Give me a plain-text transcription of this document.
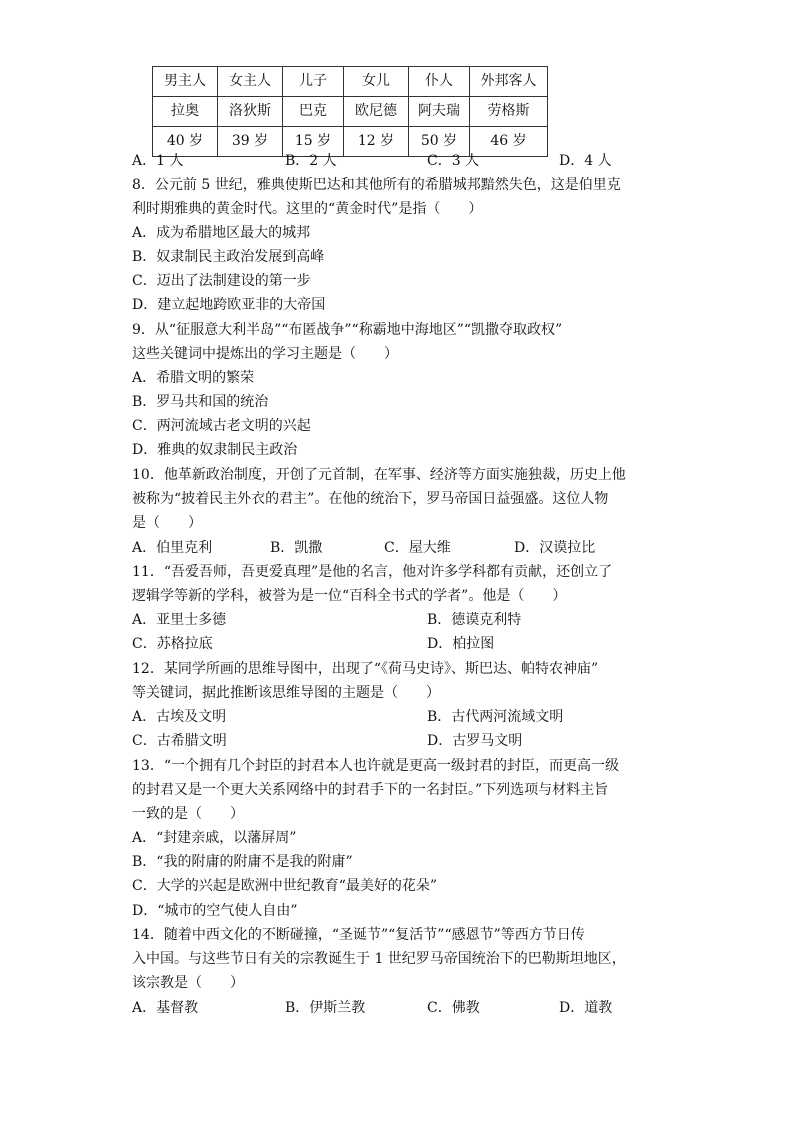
男主人	女主人	儿子	女儿	仆人	外邦客人
拉奥	洛狄斯	巴克	欧尼德	阿夫瑞	劳格斯
40 岁	39 岁	15 岁	12 岁	50 岁	46 岁
A．1 人	B．2 人	C．3 人	D．4 人
8．公元前 5 世纪，雅典使斯巴达和其他所有的希腊城邦黯然失色，这是伯里克
利时期雅典的黄金时代。这里的“黄金时代”是指（　　）
A．成为希腊地区最大的城邦
B．奴隶制民主政治发展到高峰
C．迈出了法制建设的第一步
D．建立起地跨欧亚非的大帝国
9．从“征服意大利半岛”“布匿战争”“称霸地中海地区”“凯撒夺取政权”
这些关键词中提炼出的学习主题是（　　）
A．希腊文明的繁荣
B．罗马共和国的统治
C．两河流域古老文明的兴起
D．雅典的奴隶制民主政治
10．他革新政治制度，开创了元首制，在军事、经济等方面实施独裁，历史上他
被称为“披着民主外衣的君主”。在他的统治下，罗马帝国日益强盛。这位人物
是（　　）
A．伯里克利	B．凯撒	C．屋大维	D．汉谟拉比
11．“吾爱吾师，吾更爱真理”是他的名言，他对许多学科都有贡献，还创立了
逻辑学等新的学科，被誉为是一位“百科全书式的学者”。他是（　　）
A．亚里士多德	B．德谟克利特
C．苏格拉底	D．柏拉图
12．某同学所画的思维导图中，出现了“《荷马史诗》、斯巴达、帕特农神庙”
等关键词，据此推断该思维导图的主题是（　　）
A．古埃及文明	B．古代两河流域文明
C．古希腊文明	D．古罗马文明
13．“一个拥有几个封臣的封君本人也许就是更高一级封君的封臣，而更高一级
的封君又是一个更大关系网络中的封君手下的一名封臣。”下列选项与材料主旨
一致的是（　　）
A．“封建亲戚，以藩屏周”
B．“我的附庸的附庸不是我的附庸”
C．大学的兴起是欧洲中世纪教育“最美好的花朵”
D．“城市的空气使人自由”
14．随着中西文化的不断碰撞，“圣诞节”“复活节”“感恩节”等西方节日传
入中国。与这些节日有关的宗教诞生于 1 世纪罗马帝国统治下的巴勒斯坦地区，
该宗教是（　　）
A．基督教	B．伊斯兰教	C．佛教	D．道教
